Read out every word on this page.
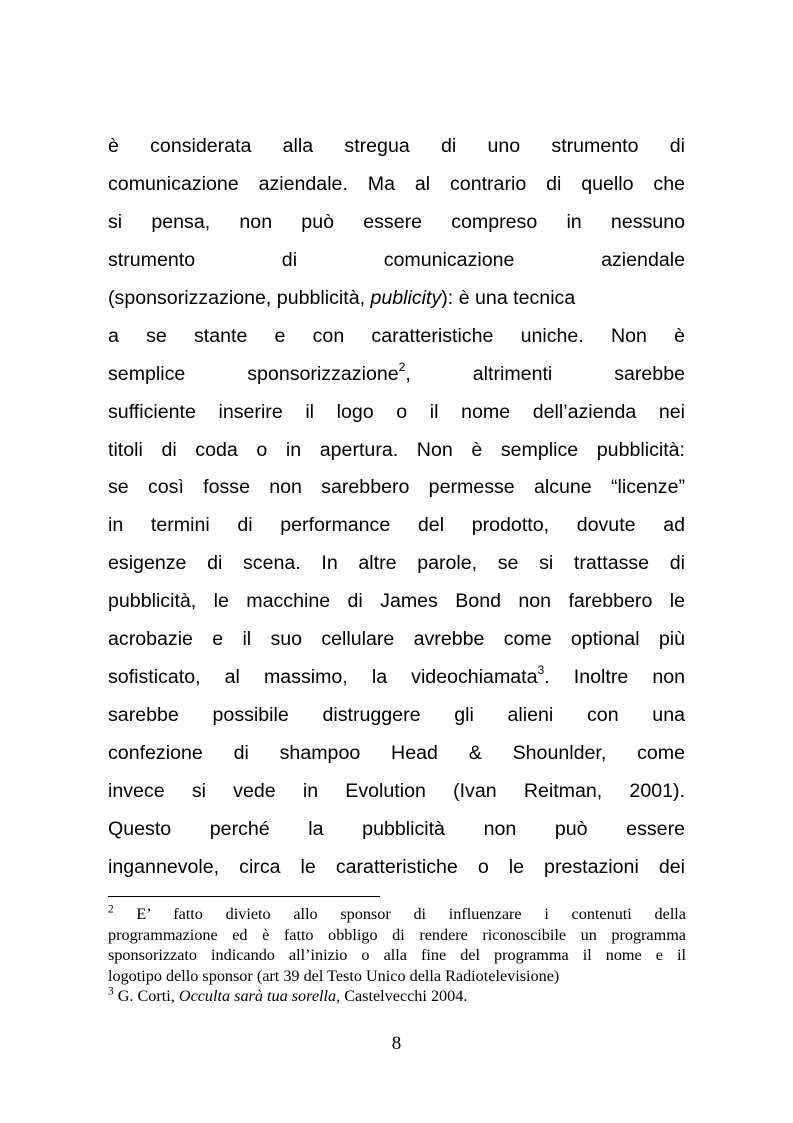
è considerata alla stregua di uno strumento di
comunicazione aziendale. Ma al contrario di quello che
si pensa, non può essere compreso in nessuno
strumento di comunicazione aziendale
(sponsorizzazione, pubblicità, publicity): è una tecnica
a se stante e con caratteristiche uniche. Non è
semplice sponsorizzazione$^2$, altrimenti sarebbe
sufficiente inserire il logo o il nome dell’azienda nei
titoli di coda o in apertura. Non è semplice pubblicità:
se così fosse non sarebbero permesse alcune “licenze”
in termini di performance del prodotto, dovute ad
esigenze di scena. In altre parole, se si trattasse di
pubblicità, le macchine di James Bond non farebbero le
acrobazie e il suo cellulare avrebbe come optional più
sofisticato, al massimo, la videochiamata$^3$. Inoltre non
sarebbe possibile distruggere gli alieni con una
confezione di shampoo Head & Shounlder, come
invece si vede in Evolution (Ivan Reitman, 2001).
Questo perché la pubblicità non può essere
ingannevole, circa le caratteristiche o le prestazioni dei
$^2$ E’ fatto divieto allo sponsor di influenzare i contenuti della
programmazione ed è fatto obbligo di rendere riconoscibile un programma
sponsorizzato indicando all’inizio o alla fine del programma il nome e il
logotipo dello sponsor (art 39 del Testo Unico della Radiotelevisione)
$^3$ G. Corti, Occulta sarà tua sorella, Castelvecchi 2004.
8
